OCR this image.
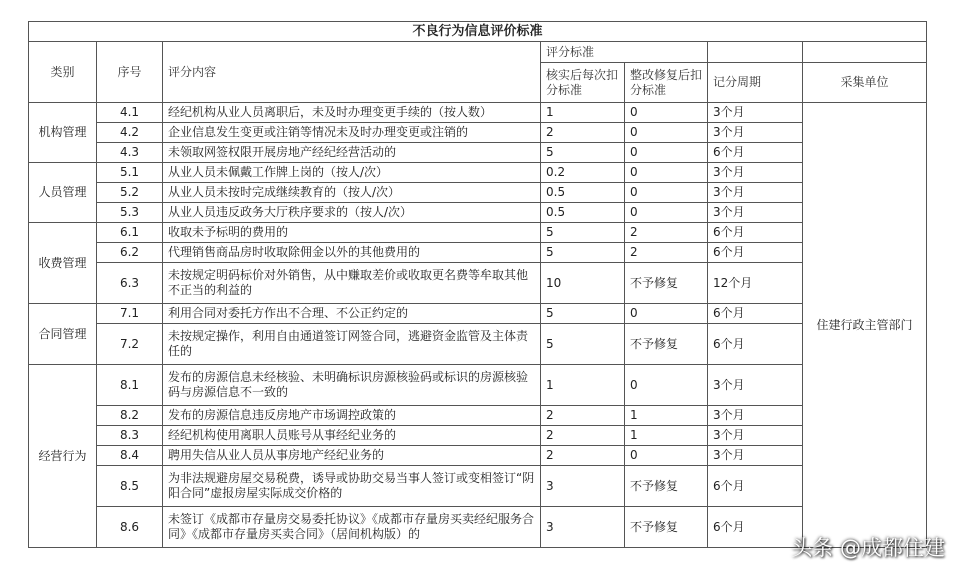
不良行为信息评价标准						
类别	序号	评分内容	评分标准			
			核实后每次扣分标准	整改修复后扣分标准	记分周期	采集单位

机构管理	4.1	经纪机构从业人员离职后，未及时办理变更手续的（按人数）	1	0	3个月	住建行政主管部门
	4.2	企业信息发生变更或注销等情况未及时办理变更或注销的	2	0	3个月	
	4.3	未领取网签权限开展房地产经纪经营活动的	5	0	6个月	
人员管理	5.1	从业人员未佩戴工作牌上岗的（按人/次）	0.2	0	3个月	
	5.2	从业人员未按时完成继续教育的（按人/次）	0.5	0	3个月	
	5.3	从业人员违反政务大厅秩序要求的（按人/次）	0.5	0	3个月	
收费管理	6.1	收取未予标明的费用的	5	2	6个月	
	6.2	代理销售商品房时收取除佣金以外的其他费用的	5	2	6个月	
	6.3	未按规定明码标价对外销售，从中赚取差价或收取更名费等牟取其他不正当的利益的	10	不予修复	12个月	
合同管理	7.1	利用合同对委托方作出不合理、不公正约定的	5	0	6个月	
	7.2	未按规定操作，利用自由通道签订网签合同，逃避资金监管及主体责任的	5	不予修复	6个月	
经营行为	8.1	发布的房源信息未经核验、未明确标识房源核验码或标识的房源核验码与房源信息不一致的	1	0	3个月	
	8.2	发布的房源信息违反房地产市场调控政策的	2	1	3个月	
	8.3	经纪机构使用离职人员账号从事经纪业务的	2	1	3个月	
	8.4	聘用失信从业人员从事房地产经纪业务的	2	0	3个月	
	8.5	为非法规避房屋交易税费，诱导或协助交易当事人签订或变相签订“阴阳合同”虚报房屋实际成交价格的	3	不予修复	6个月	
	8.6	未签订《成都市存量房交易委托协议》《成都市存量房买卖经纪服务合同》《成都市存量房买卖合同》（居间机构版）的	3	不予修复	6个月	
头条 @成都住建
